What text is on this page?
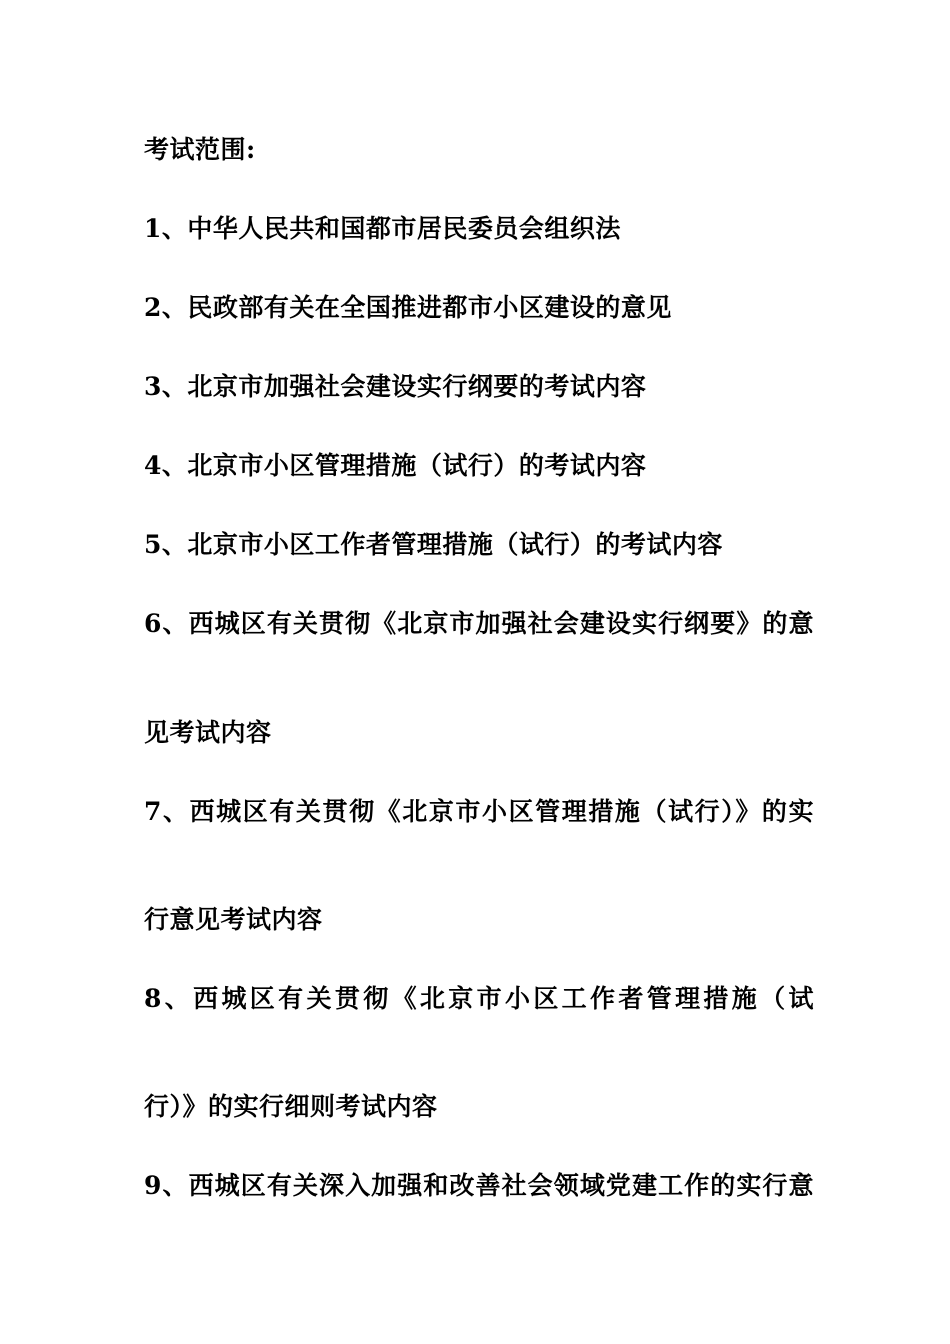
考试范围:
1、中华人民共和国都市居民委员会组织法
2、民政部有关在全国推进都市小区建设的意见
3、北京市加强社会建设实行纲要的考试内容
4、北京市小区管理措施（试行）的考试内容
5、北京市小区工作者管理措施（试行）的考试内容
6、西城区有关贯彻《北京市加强社会建设实行纲要》的意
见考试内容
7、西城区有关贯彻《北京市小区管理措施（试行）》的实
行意见考试内容
8、西城区有关贯彻《北京市小区工作者管理措施（试
行）》的实行细则考试内容
9、西城区有关深入加强和改善社会领域党建工作的实行意
